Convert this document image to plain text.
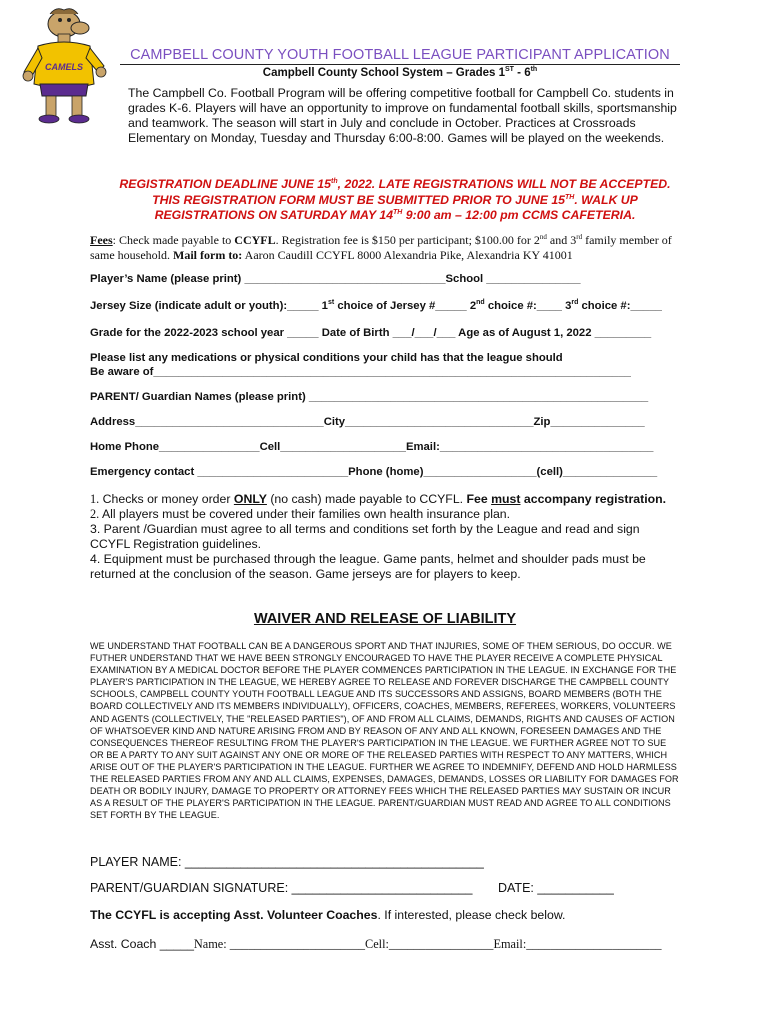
CAMELS
CAMPBELL COUNTY YOUTH FOOTBALL LEAGUE PARTICIPANT APPLICATION
Campbell County School System – Grades 1ST - 6th
The Campbell Co. Football Program will be offering competitive football for Campbell Co. students in grades K-6. Players will have an opportunity to improve on fundamental football skills, sportsmanship and teamwork. The season will start in July and conclude in October. Practices at Crossroads Elementary on Monday, Tuesday and Thursday 6:00-8:00. Games will be played on the weekends.
REGISTRATION DEADLINE JUNE 15th, 2022. LATE REGISTRATIONS WILL NOT BE ACCEPTED.
THIS REGISTRATION FORM MUST BE SUBMITTED PRIOR TO JUNE 15TH. WALK UP
REGISTRATIONS ON SATURDAY MAY 14TH 9:00 am – 12:00 pm CCMS CAFETERIA.
Fees: Check made payable to CCYFL. Registration fee is $150 per participant; $100.00 for 2nd and 3rd family member of same household. Mail form to: Aaron Caudill CCYFL 8000 Alexandria Pike, Alexandria KY 41001
Player’s Name (please print) ________________________________School _______________
Jersey Size (indicate adult or youth):_____ 1st choice of Jersey #_____ 2nd choice #:____ 3rd choice #:_____
Grade for the 2022-2023 school year _____ Date of Birth ___/___/___ Age as of August 1, 2022 _________
Please list any medications or physical conditions your child has that the league should
Be aware of____________________________________________________________________________
PARENT/ Guardian Names (please print) ______________________________________________________
Address______________________________City______________________________Zip_______________
Home Phone________________Cell____________________Email:__________________________________
Emergency contact ________________________Phone (home)__________________(cell)_______________
1. Checks or money order ONLY (no cash) made payable to CCYFL. Fee must accompany registration.
2. All players must be covered under their families own health insurance plan.
3. Parent /Guardian must agree to all terms and conditions set forth by the League and read and sign CCYFL Registration guidelines.
4. Equipment must be purchased through the league. Game pants, helmet and shoulder pads must be returned at the conclusion of the season. Game jerseys are for players to keep.
WAIVER AND RELEASE OF LIABILITY
WE UNDERSTAND THAT FOOTBALL CAN BE A DANGEROUS SPORT AND THAT INJURIES, SOME OF THEM SERIOUS, DO OCCUR. WE FUTHER UNDERSTAND THAT WE HAVE BEEN STRONGLY ENCOURAGED TO HAVE THE PLAYER RECEIVE A COMPLETE PHYSICAL EXAMINATION BY A MEDICAL DOCTOR BEFORE THE PLAYER COMMENCES PARTICIPATION IN THE LEAGUE. IN EXCHANGE FOR THE PLAYER'S PARTICIPATION IN THE LEAGUE, WE HEREBY AGREE TO RELEASE AND FOREVER DISCHARGE THE CAMPBELL COUNTY SCHOOLS, CAMPBELL COUNTY YOUTH FOOTBALL LEAGUE AND ITS SUCCESSORS AND ASSIGNS, BOARD MEMBERS (BOTH THE BOARD COLLECTIVELY AND ITS MEMBERS INDIVIDUALLY), OFFICERS, COACHES, MEMBERS, REFEREES, WORKERS, VOLUNTEERS AND AGENTS (COLLECTIVELY, THE "RELEASED PARTIES"), OF AND FROM ALL CLAIMS, DEMANDS, RIGHTS AND CAUSES OF ACTION OF WHATSOEVER KIND AND NATURE ARISING FROM AND BY REASON OF ANY AND ALL KNOWN, FORESEEN DAMAGES AND THE CONSEQUENCES THEREOF RESULTING FROM THE PLAYER'S PARTICIPATION IN THE LEAGUE. WE FURTHER AGREE NOT TO SUE OR BE A PARTY TO ANY SUIT AGAINST ANY ONE OR MORE OF THE RELEASED PARTIES WITH RESPECT TO ANY MATTERS, WHICH ARISE OUT OF THE PLAYER'S PARTICIPATION IN THE LEAGUE. FURTHER WE AGREE TO INDEMNIFY, DEFEND AND HOLD HARMLESS THE RELEASED PARTIES FROM ANY AND ALL CLAIMS, EXPENSES, DAMAGES, DEMANDS, LOSSES OR LIABILITY FOR DAMAGES FOR DEATH OR BODILY INJURY, DAMAGE TO PROPERTY OR ATTORNEY FEES WHICH THE RELEASED PARTIES MAY SUSTAIN OR INCUR AS A RESULT OF THE PLAYER'S PARTICIPATION IN THE LEAGUE. PARENT/GUARDIAN MUST READ AND AGREE TO ALL CONDITIONS SET FORTH BY THE LEAGUE.
PLAYER NAME: ___________________________________________
PARENT/GUARDIAN SIGNATURE: __________________________ DATE: ___________
The CCYFL is accepting Asst. Volunteer Coaches. If interested, please check below.
Asst. Coach _____Name: ______________________Cell:_________________Email:______________________
